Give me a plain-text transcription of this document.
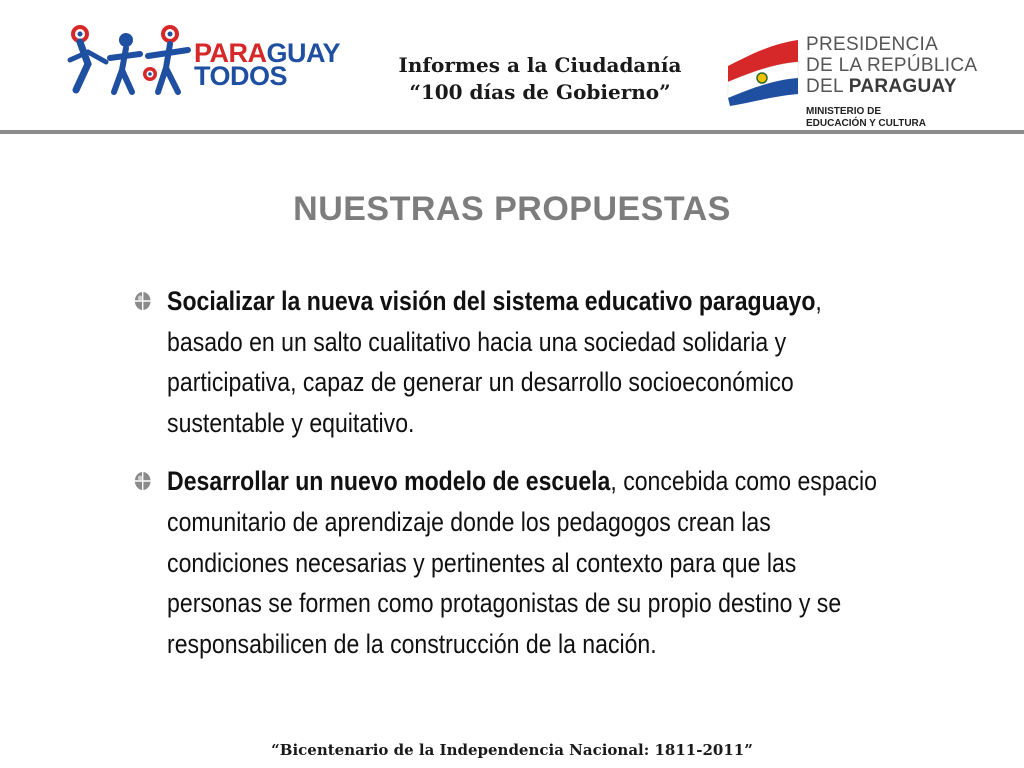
PARAGUAY
TODOS	Informes a la Ciudadanía
“100 días de Gobierno”
PRESIDENCIA
DE LA REPÚBLICA
DEL PARAGUAY
MINISTERIO DE
EDUCACIÓN Y CULTURA
NUESTRAS PROPUESTAS
Socializar la nueva visión del sistema educativo paraguayo, basado en un salto cualitativo hacia una sociedad solidaria y participativa, capaz de generar un desarrollo socioeconómico sustentable y equitativo.
Desarrollar un nuevo modelo de escuela, concebida como espacio comunitario de aprendizaje donde los pedagogos crean las condiciones necesarias y pertinentes al contexto para que las personas se formen como protagonistas de su propio destino y se responsabilicen de la construcción de la nación.
“Bicentenario de la Independencia Nacional: 1811-2011”
